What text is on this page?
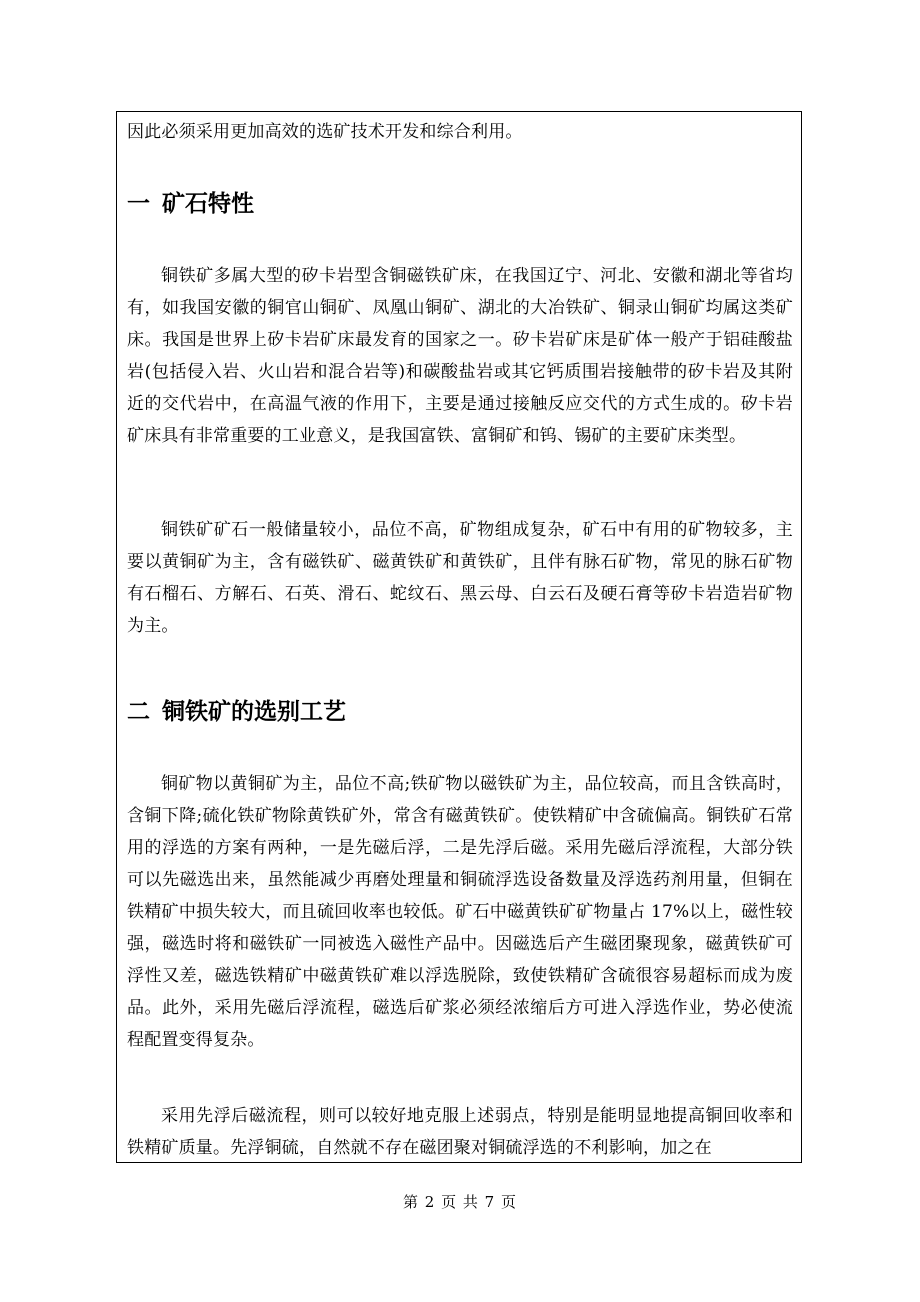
因此必须采用更加高效的选矿技术开发和综合利用。

一 矿石特性

铜铁矿多属大型的矽卡岩型含铜磁铁矿床，在我国辽宁、河北、安徽和湖北等省均有，如我国安徽的铜官山铜矿、凤凰山铜矿、湖北的大冶铁矿、铜录山铜矿均属这类矿床。我国是世界上矽卡岩矿床最发育的国家之一。矽卡岩矿床是矿体一般产于铝硅酸盐岩(包括侵入岩、火山岩和混合岩等)和碳酸盐岩或其它钙质围岩接触带的矽卡岩及其附近的交代岩中，在高温气液的作用下，主要是通过接触反应交代的方式生成的。矽卡岩矿床具有非常重要的工业意义，是我国富铁、富铜矿和钨、锡矿的主要矿床类型。

铜铁矿矿石一般储量较小，品位不高，矿物组成复杂，矿石中有用的矿物较多，主要以黄铜矿为主，含有磁铁矿、磁黄铁矿和黄铁矿，且伴有脉石矿物，常见的脉石矿物有石榴石、方解石、石英、滑石、蛇纹石、黑云母、白云石及硬石膏等矽卡岩造岩矿物为主。

二 铜铁矿的选别工艺

铜矿物以黄铜矿为主，品位不高;铁矿物以磁铁矿为主，品位较高，而且含铁高时，含铜下降;硫化铁矿物除黄铁矿外，常含有磁黄铁矿。使铁精矿中含硫偏高。铜铁矿石常用的浮选的方案有两种，一是先磁后浮，二是先浮后磁。采用先磁后浮流程，大部分铁可以先磁选出来，虽然能减少再磨处理量和铜硫浮选设备数量及浮选药剂用量，但铜在铁精矿中损失较大，而且硫回收率也较低。矿石中磁黄铁矿矿物量占 17%以上，磁性较强，磁选时将和磁铁矿一同被选入磁性产品中。因磁选后产生磁团聚现象，磁黄铁矿可浮性又差，磁选铁精矿中磁黄铁矿难以浮选脱除，致使铁精矿含硫很容易超标而成为废品。此外，采用先磁后浮流程，磁选后矿浆必须经浓缩后方可进入浮选作业，势必使流程配置变得复杂。

采用先浮后磁流程，则可以较好地克服上述弱点，特别是能明显地提高铜回收率和铁精矿质量。先浮铜硫，自然就不存在磁团聚对铜硫浮选的不利影响，加之在

第 2 页 共 7 页
